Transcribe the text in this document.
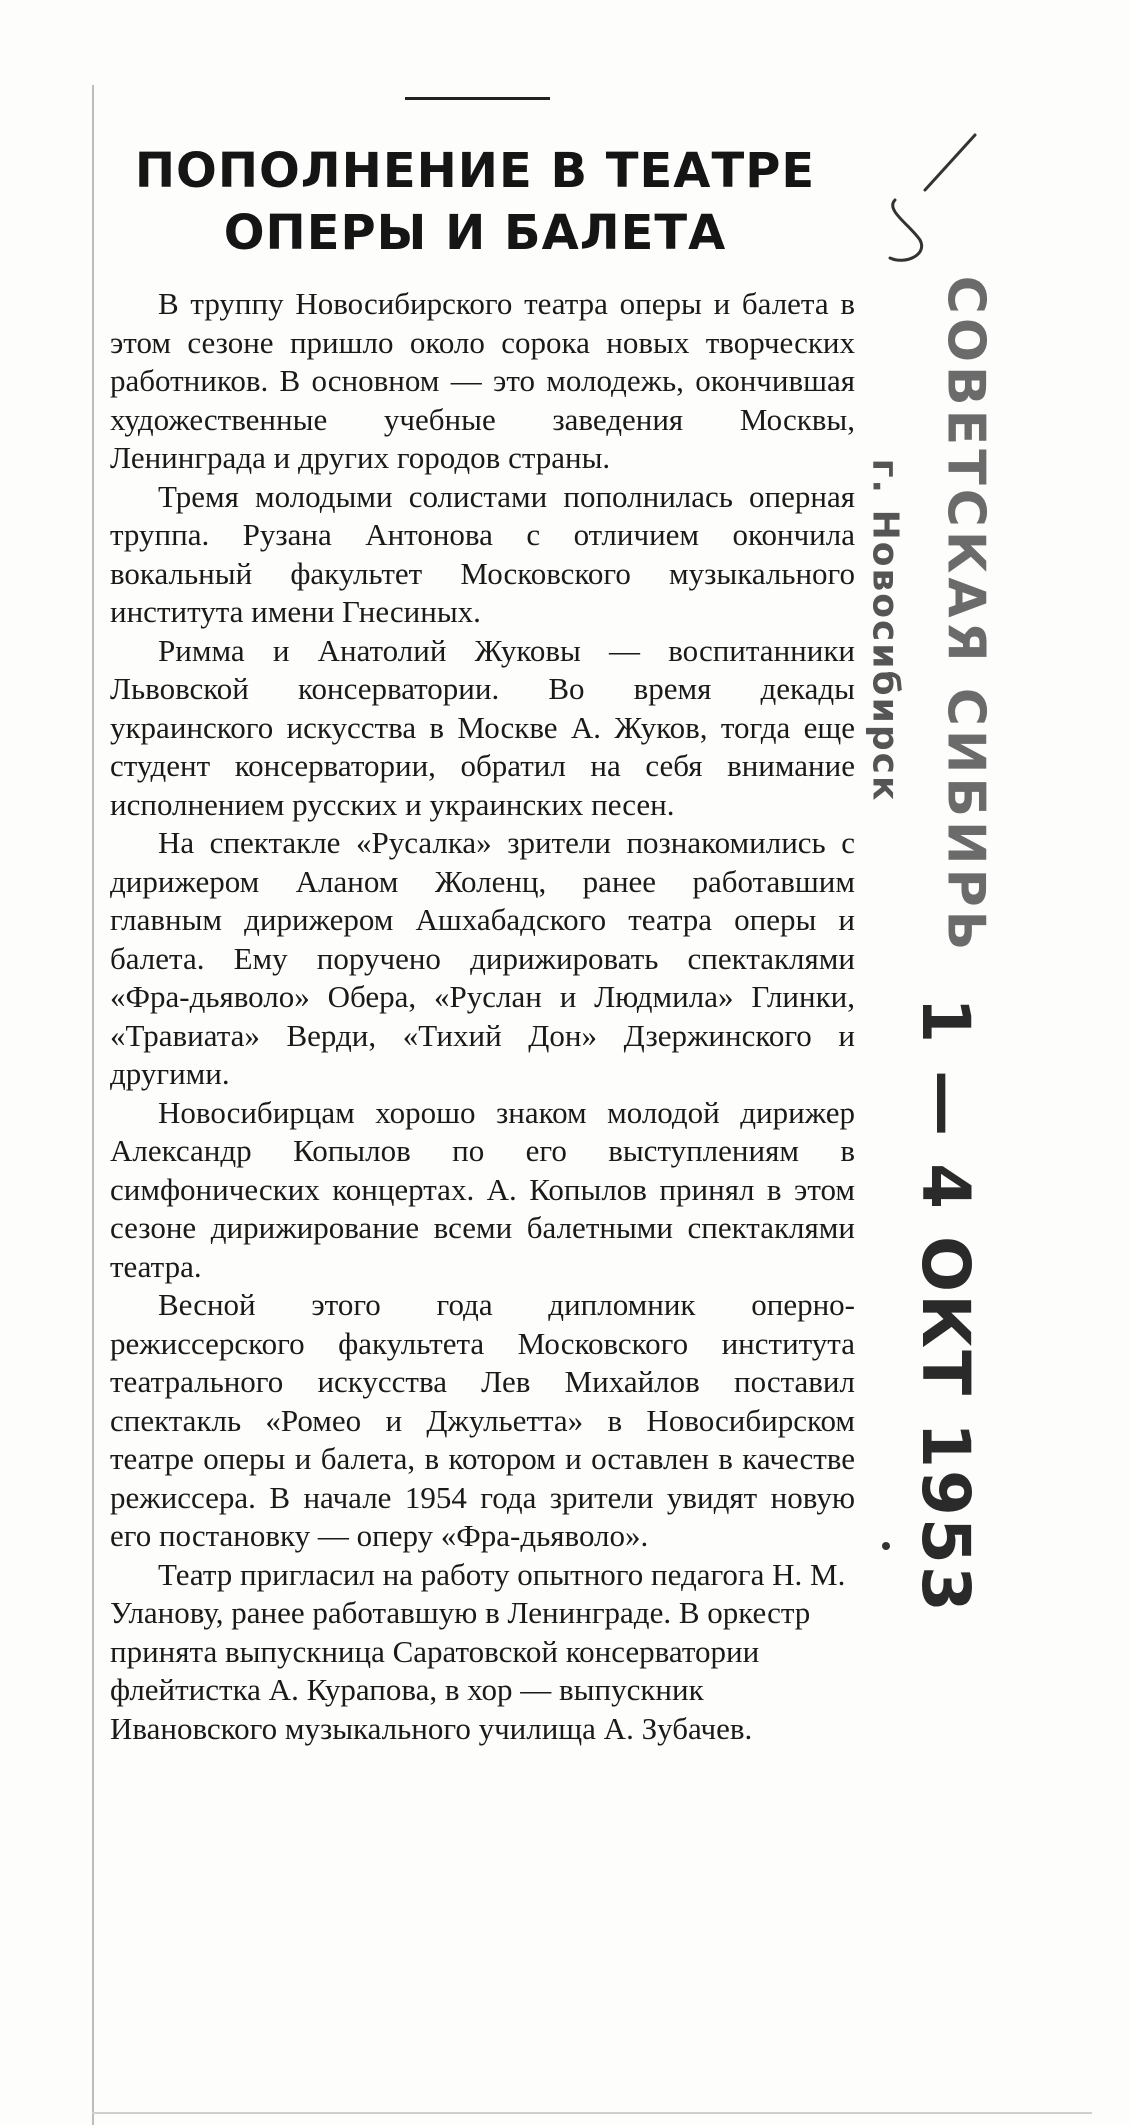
ПОПОЛНЕНИЕ В ТЕАТРЕ
ОПЕРЫ И БАЛЕТА

В труппу Новосибирского театра оперы и балета в этом сезоне пришло около сорока новых творческих работников. В основном — это молодежь, окончившая художественные учебные заведения Москвы, Ленинграда и других городов страны.

Тремя молодыми солистами пополнилась оперная труппа. Рузана Антонова с отличием окончила вокальный факультет Московского музыкального института имени Гнесиных.

Римма и Анатолий Жуковы — воспитанники Львовской консерватории. Во время декады украинского искусства в Москве А. Жуков, тогда еще студент консерватории, обратил на себя внимание исполнением русских и украинских песен.

На спектакле «Русалка» зрители познакомились с дирижером Аланом Жоленц, ранее работавшим главным дирижером Ашхабадского театра оперы и балета. Ему поручено дирижировать спектаклями «Фра-дьяволо» Обера, «Руслан и Людмила» Глинки, «Травиата» Верди, «Тихий Дон» Дзержинского и другими.

Новосибирцам хорошо знаком молодой дирижер Александр Копылов по его выступлениям в симфонических концертах. А. Копылов принял в этом сезоне дирижирование всеми балетными спектаклями театра.

Весной этого года дипломник оперно-режиссерского факультета Московского института театрального искусства Лев Михайлов поставил спектакль «Ромео и Джульетта» в Новосибирском театре оперы и балета, в котором и оставлен в качестве режиссера. В начале 1954 года зрители увидят новую его постановку — оперу «Фра-дьяволо».

Театр пригласил на работу опытного педагога Н. М. Уланову, ранее работавшую в Ленинграде. В оркестр принята выпускница Саратовской консерватории флейтистка А. Курапова, в хор — выпускник Ивановского музыкального училища А. Зубачев.

СОВЕТСКАЯ СИБИРЬ
г. Новосибирск
1 — 4 ОКТ 1953
